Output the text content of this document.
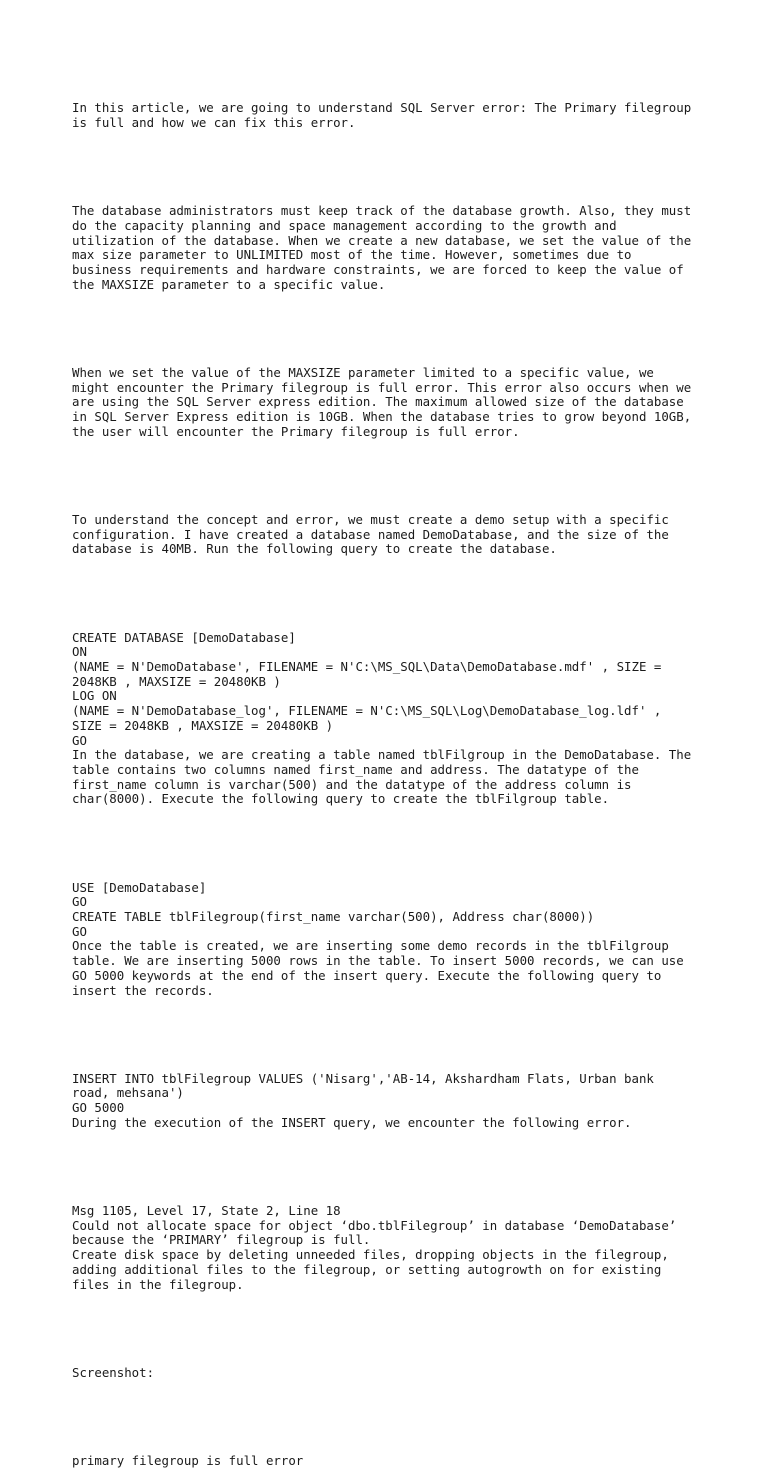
In this article, we are going to understand SQL Server error: The Primary filegroup
is full and how we can fix this error.

The database administrators must keep track of the database growth. Also, they must
do the capacity planning and space management according to the growth and
utilization of the database. When we create a new database, we set the value of the
max size parameter to UNLIMITED most of the time. However, sometimes due to
business requirements and hardware constraints, we are forced to keep the value of
the MAXSIZE parameter to a specific value.

When we set the value of the MAXSIZE parameter limited to a specific value, we
might encounter the Primary filegroup is full error. This error also occurs when we
are using the SQL Server express edition. The maximum allowed size of the database
in SQL Server Express edition is 10GB. When the database tries to grow beyond 10GB,
the user will encounter the Primary filegroup is full error.

To understand the concept and error, we must create a demo setup with a specific
configuration. I have created a database named DemoDatabase, and the size of the
database is 40MB. Run the following query to create the database.

CREATE DATABASE [DemoDatabase]
ON
(NAME = N'DemoDatabase', FILENAME = N'C:\MS_SQL\Data\DemoDatabase.mdf' , SIZE =
2048KB , MAXSIZE = 20480KB )
LOG ON
(NAME = N'DemoDatabase_log', FILENAME = N'C:\MS_SQL\Log\DemoDatabase_log.ldf' ,
SIZE = 2048KB , MAXSIZE = 20480KB )
GO
In the database, we are creating a table named tblFilgroup in the DemoDatabase. The
table contains two columns named first_name and address. The datatype of the
first_name column is varchar(500) and the datatype of the address column is
char(8000). Execute the following query to create the tblFilgroup table.

USE [DemoDatabase]
GO
CREATE TABLE tblFilegroup(first_name varchar(500), Address char(8000))
GO
Once the table is created, we are inserting some demo records in the tblFilgroup
table. We are inserting 5000 rows in the table. To insert 5000 records, we can use
GO 5000 keywords at the end of the insert query. Execute the following query to
insert the records.

INSERT INTO tblFilegroup VALUES ('Nisarg','AB-14, Akshardham Flats, Urban bank
road, mehsana')
GO 5000
During the execution of the INSERT query, we encounter the following error.

Msg 1105, Level 17, State 2, Line 18
Could not allocate space for object ‘dbo.tblFilegroup’ in database ‘DemoDatabase’
because the ‘PRIMARY’ filegroup is full.
Create disk space by deleting unneeded files, dropping objects in the filegroup,
adding additional files to the filegroup, or setting autogrowth on for existing
files in the filegroup.

Screenshot:

primary filegroup is full error
